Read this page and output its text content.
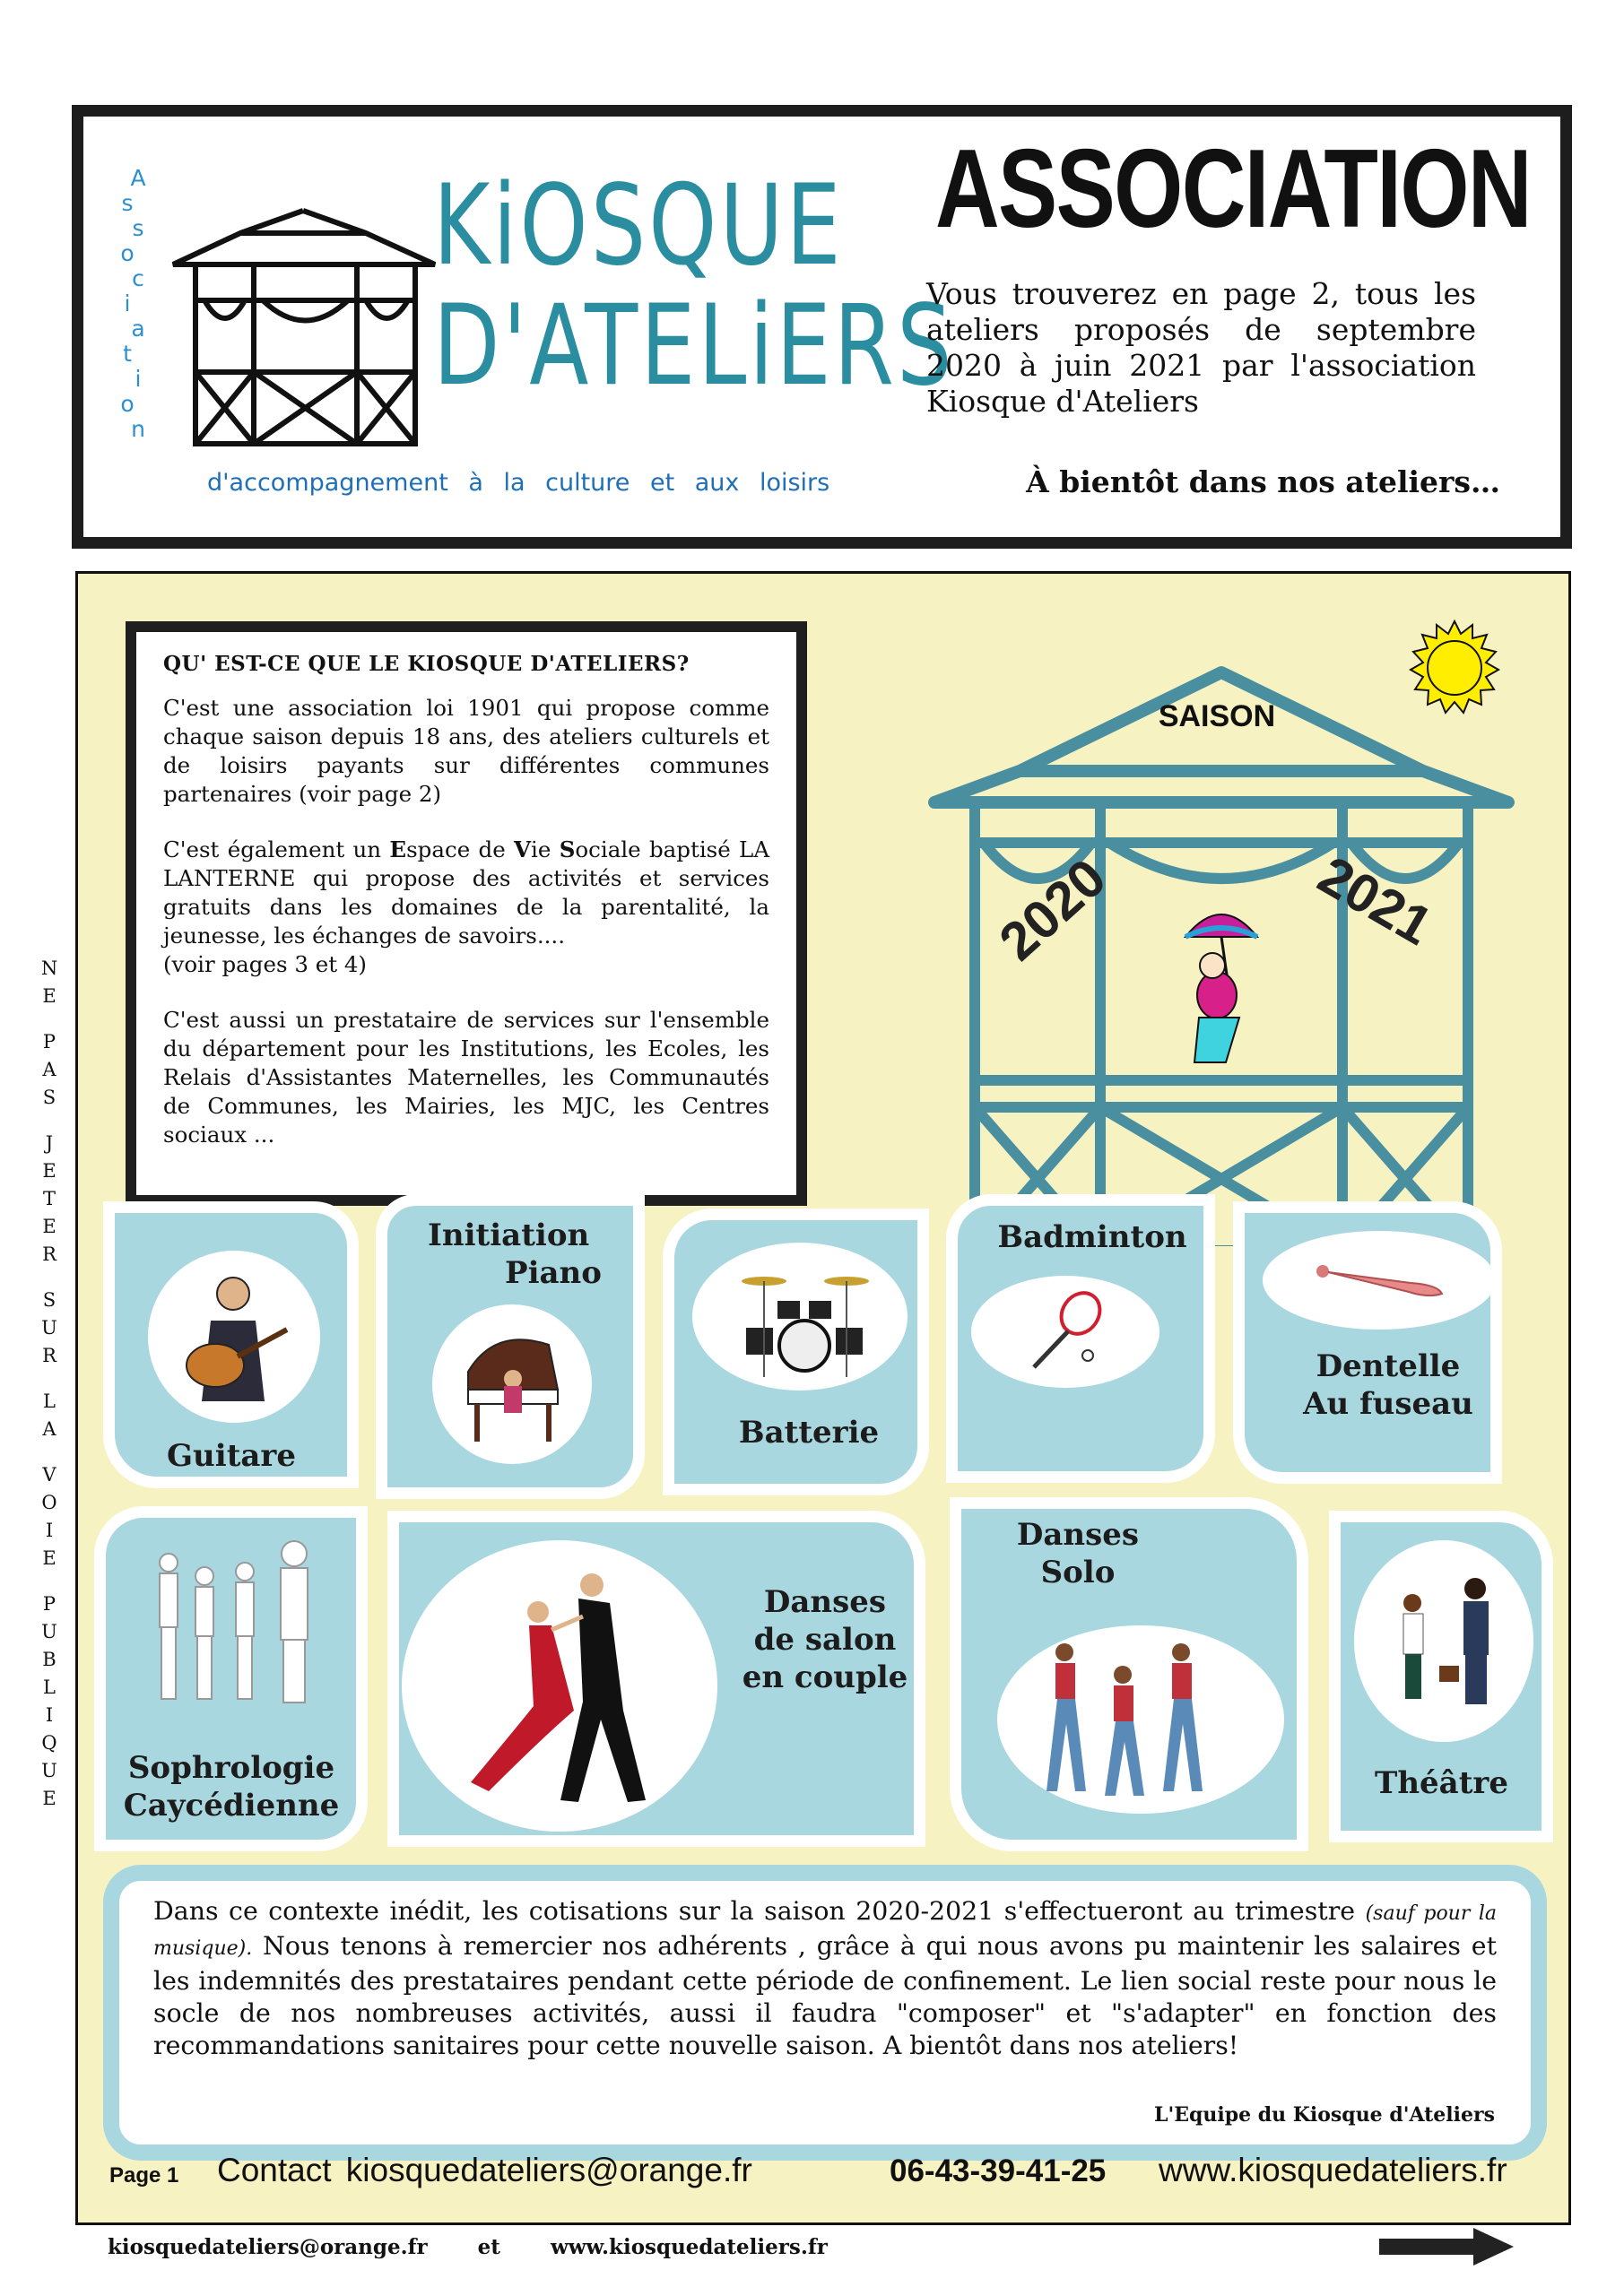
A
s
s
o
c
i
a
t
i
o
n
KiOSQUE
D'ATELiERS
d'accompagnement à la culture et aux loisirs
ASSOCIATION
Vous trouverez en page 2, tous les ateliers proposés de septembre 2020 à juin 2021 par l'association Kiosque d'Ateliers
À bientôt dans nos ateliers…
N
E
P
A
S
J
E
T
E
R
S
U
R
L
A
V
O
I
E
P
U
B
L
I
Q
U
E
QU' EST-CE QUE LE KIOSQUE D'ATELIERS?

C'est une association loi 1901 qui propose comme chaque saison depuis 18 ans, des ateliers culturels et de loisirs payants sur différentes communes partenaires (voir page 2)

C'est également un Espace de Vie Sociale baptisé LA LANTERNE qui propose des activités et services gratuits dans les domaines de la parentalité, la jeunesse, les échanges de savoirs....
(voir pages 3 et 4)

C'est aussi un prestataire de services sur l'ensemble du département pour les Institutions, les Ecoles, les Relais d'Assistantes Maternelles, les Communautés de Communes, les Mairies, les MJC, les Centres sociaux ...

SAISON
2020	2021
Guitare
Initiation
Piano
Batterie
Badminton
Dentelle
Au fuseau
Sophrologie
Caycédienne
Danses
de salon
en couple
Danses
Solo
Théâtre

Dans ce contexte inédit, les cotisations sur la saison 2020-2021 s'effectueront au trimestre (sauf pour la musique). Nous tenons à remercier nos adhérents , grâce à qui nous avons pu maintenir les salaires et les indemnités des prestataires pendant cette période de confinement. Le lien social reste pour nous le socle de nos nombreuses activités, aussi il faudra "composer" et "s'adapter" en fonction des recommandations sanitaires pour cette nouvelle saison. A bientôt dans nos ateliers!

L'Equipe du Kiosque d'Ateliers
Page 1 Contact kiosquedateliers@orange.fr	06-43-39-41-25 www.kiosquedateliers.fr
kiosquedateliers@orange.fr et www.kiosquedateliers.fr
